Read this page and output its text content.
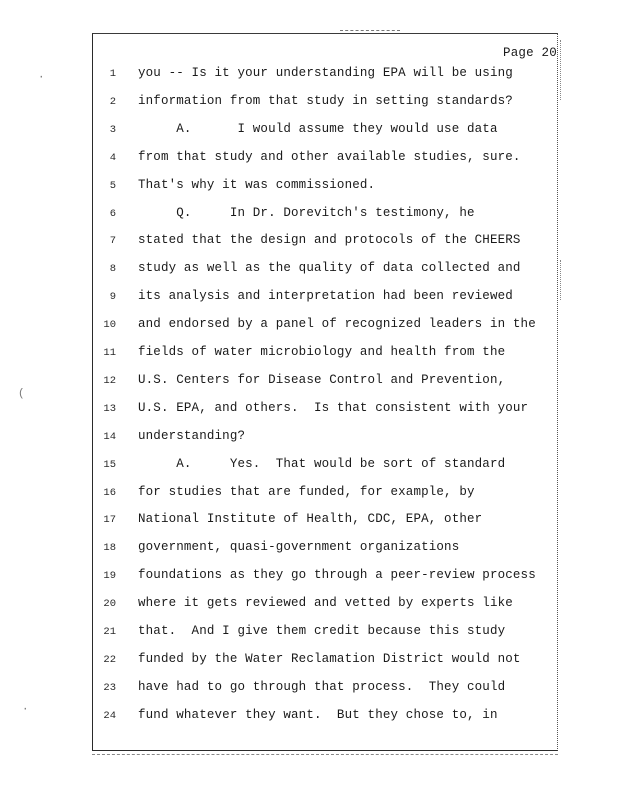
(
·
·
Page 20
1 you -- Is it your understanding EPA will be using
2 information from that study in setting standards?
3 A.      I would assume they would use data
4 from that study and other available studies, sure.
5 That's why it was commissioned.
6 Q.     In Dr. Dorevitch's testimony, he
7 stated that the design and protocols of the CHEERS
8 study as well as the quality of data collected and
9 its analysis and interpretation had been reviewed
10 and endorsed by a panel of recognized leaders in the
11 fields of water microbiology and health from the
12 U.S. Centers for Disease Control and Prevention,
13 U.S. EPA, and others.  Is that consistent with your
14 understanding?
15 A.     Yes.  That would be sort of standard
16 for studies that are funded, for example, by
17 National Institute of Health, CDC, EPA, other
18 government, quasi-government organizations
19 foundations as they go through a peer-review process
20 where it gets reviewed and vetted by experts like
21 that.  And I give them credit because this study
22 funded by the Water Reclamation District would not
23 have had to go through that process.  They could
24 fund whatever they want.  But they chose to, in
